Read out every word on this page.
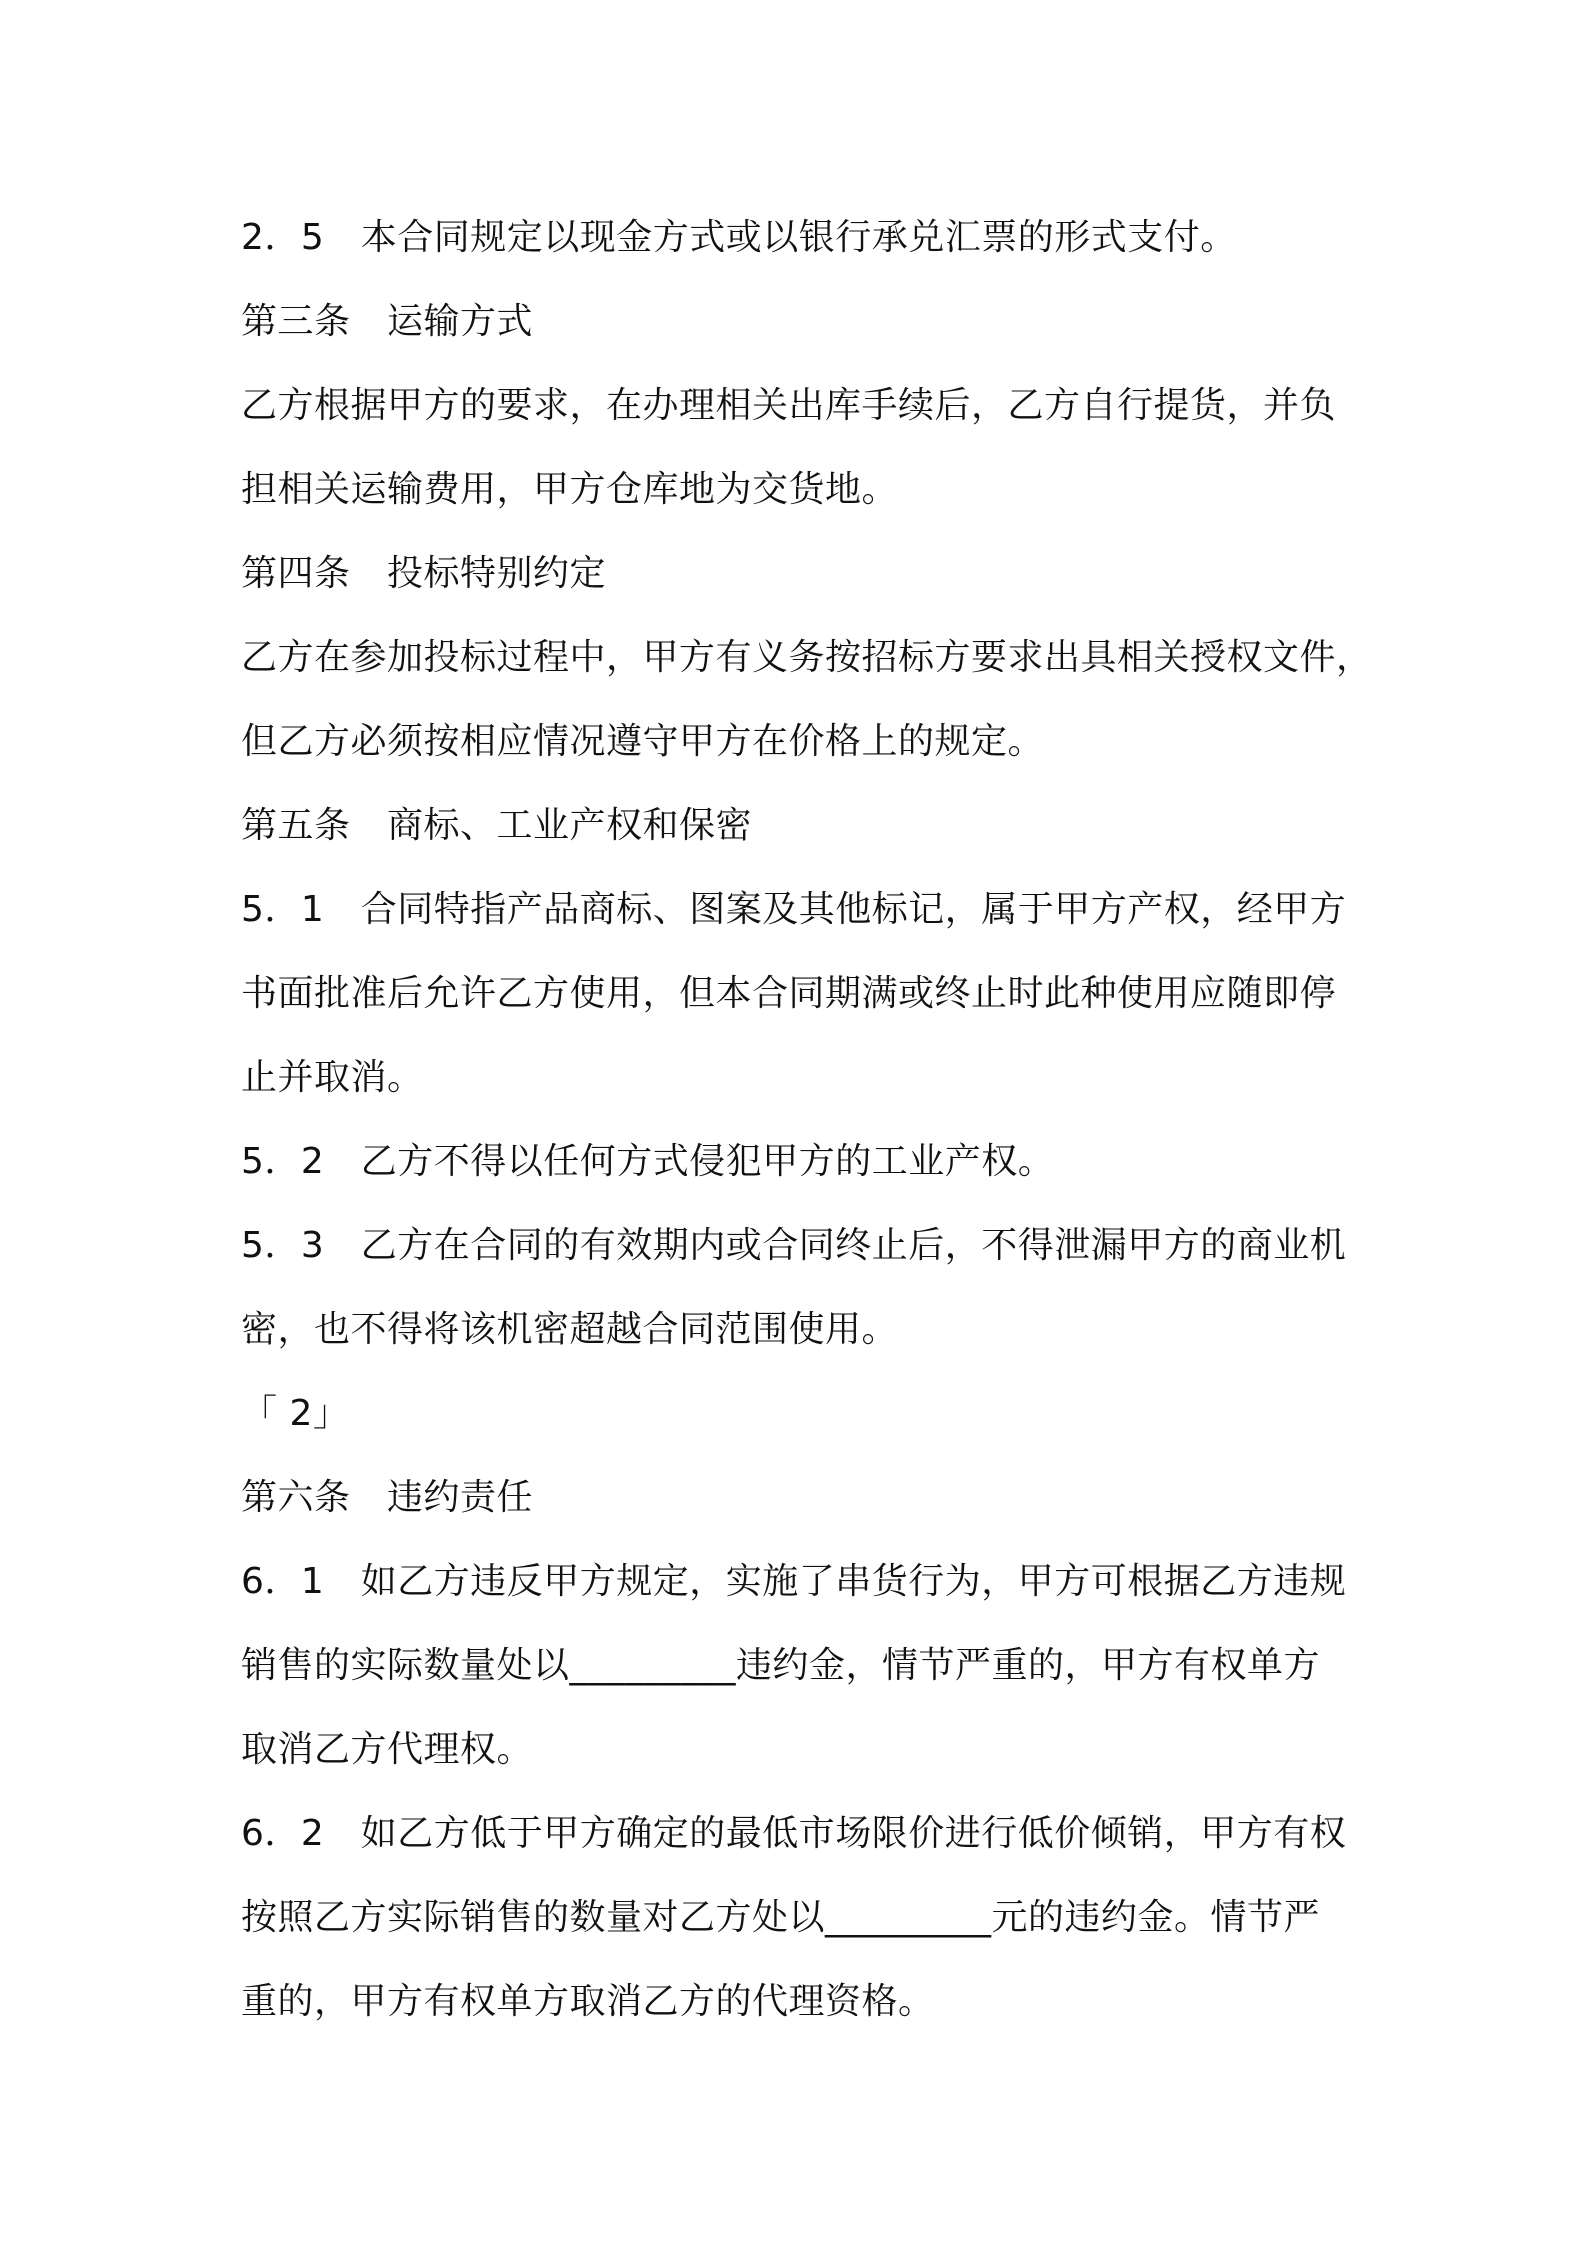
2．5　本合同规定以现金方式或以银行承兑汇票的形式支付。
第三条　运输方式
乙方根据甲方的要求，在办理相关出库手续后，乙方自行提货，并负
担相关运输费用，甲方仓库地为交货地。
第四条　投标特别约定
乙方在参加投标过程中，甲方有义务按招标方要求出具相关授权文件，
但乙方必须按相应情况遵守甲方在价格上的规定。
第五条　商标、工业产权和保密
5．1　合同特指产品商标、图案及其他标记，属于甲方产权，经甲方
书面批准后允许乙方使用，但本合同期满或终止时此种使用应随即停
止并取消。
5．2　乙方不得以任何方式侵犯甲方的工业产权。
5．3　乙方在合同的有效期内或合同终止后，不得泄漏甲方的商业机
密，也不得将该机密超越合同范围使用。
「 2」
第六条　违约责任
6．1　如乙方违反甲方规定，实施了串货行为，甲方可根据乙方违规
销售的实际数量处以_________违约金，情节严重的，甲方有权单方
取消乙方代理权。
6．2　如乙方低于甲方确定的最低市场限价进行低价倾销，甲方有权
按照乙方实际销售的数量对乙方处以_________元的违约金。情节严
重的，甲方有权单方取消乙方的代理资格。
